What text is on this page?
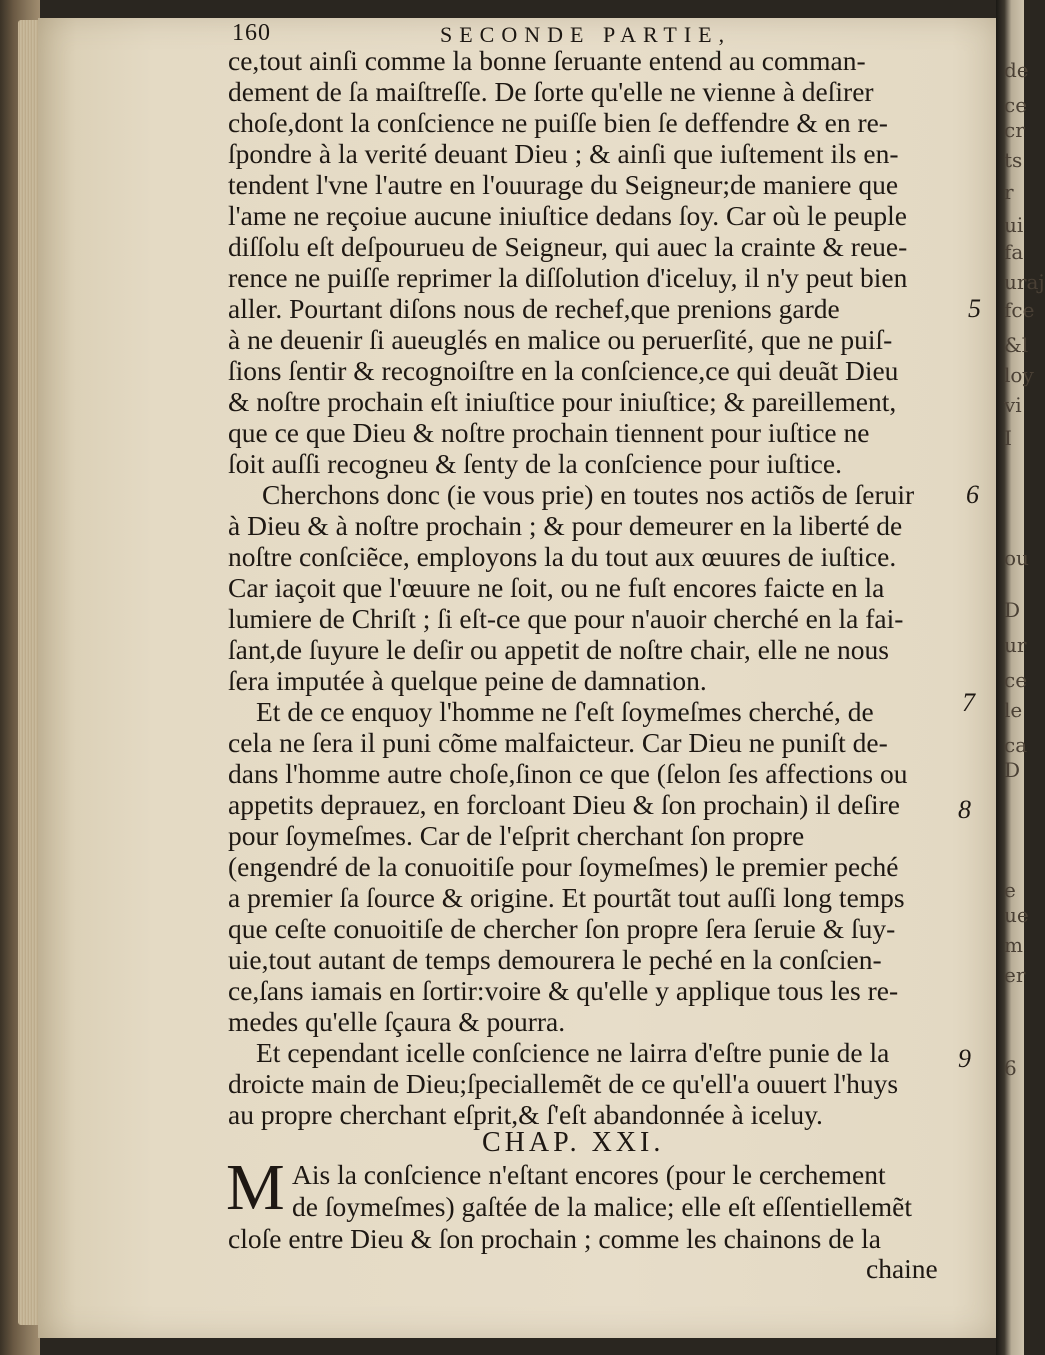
160	SECONDE PARTIE,
ce,tout ainſi comme la bonne ſeruante entend au comman-
dement de ſa maiſtreſſe. De ſorte qu'elle ne vienne à deſirer
choſe,dont la conſcience ne puiſſe bien ſe deffendre & en re-
ſpondre à la verité deuant Dieu ; & ainſi que iuſtement ils en-
tendent l'vne l'autre en l'ouurage du Seigneur;de maniere que
l'ame ne reçoiue aucune iniuſtice dedans ſoy. Car où le peuple
diſſolu eſt deſpourueu de Seigneur, qui auec la crainte & reue-
rence ne puiſſe reprimer la diſſolution d'iceluy, il n'y peut bien
aller. Pourtant diſons nous de rechef,que prenions garde
à ne deuenir ſi aueuglés en malice ou peruerſité, que ne puiſ-
ſions ſentir & recognoiſtre en la conſcience,ce qui deuãt Dieu
& noſtre prochain eſt iniuſtice pour iniuſtice; & pareillement,
que ce que Dieu & noſtre prochain tiennent pour iuſtice ne
ſoit auſſi recogneu & ſenty de la conſcience pour iuſtice.
Cherchons donc (ie vous prie) en toutes nos actiõs de ſeruir
à Dieu & à noſtre prochain ; & pour demeurer en la liberté de
noſtre conſciẽce, employons la du tout aux œuures de iuſtice.
Car iaçoit que l'œuure ne ſoit, ou ne fuſt encores faicte en la
lumiere de Chriſt ; ſi eſt-ce que pour n'auoir cherché en la fai-
ſant,de ſuyure le deſir ou appetit de noſtre chair, elle ne nous
ſera imputée à quelque peine de damnation.
Et de ce enquoy l'homme ne ſ'eſt ſoymeſmes cherché, de
cela ne ſera il puni cõme malfaicteur. Car Dieu ne puniſt de-
dans l'homme autre choſe,ſinon ce que (ſelon ſes affections ou
appetits deprauez, en forcloant Dieu & ſon prochain) il deſire
pour ſoymeſmes. Car de l'eſprit cherchant ſon propre
(engendré de la conuoitiſe pour ſoymeſmes) le premier peché
a premier ſa ſource & origine. Et pourtãt tout auſſi long temps
que ceſte conuoitiſe de chercher ſon propre ſera ſeruie & ſuy-
uie,tout autant de temps demourera le peché en la conſcien-
ce,ſans iamais en ſortir:voire & qu'elle y applique tous les re-
medes qu'elle ſçaura & pourra.
Et cependant icelle conſcience ne lairra d'eſtre punie de la
droicte main de Dieu;ſpeciallemẽt de ce qu'ell'a ouuert l'huys
au propre cherchant eſprit,& ſ'eſt abandonnée à iceluy.
5
6
7
8
9
CHAP. XXI.
M Ais la conſcience n'eſtant encores (pour le cerchement
de ſoymeſmes) gaſtée de la malice; elle eſt eſſentiellemẽt
cloſe entre Dieu & ſon prochain ; comme les chainons de la
chaine
de
ce
cr
ts
r
ui
fa
uraj
fce
&l
loy
vi
I
ou
D
ur
ce
le
ca
D
e
ue
m
er
6
